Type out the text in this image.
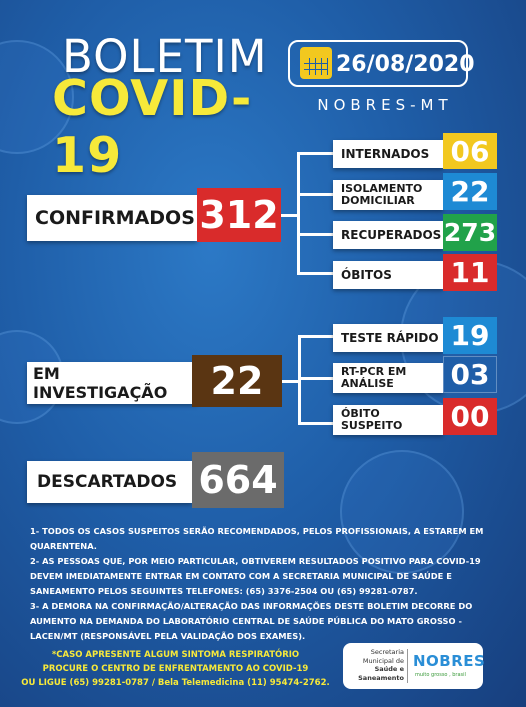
BOLETIM
COVID-19
26/08/2020
NOBRES-MT
CONFIRMADOS 312
INTERNADOS 06
ISOLAMENTO
DOMICILIAR 22
RECUPERADOS 273
ÓBITOS	11
EM INVESTIGAÇÃO	22
TESTE RÁPIDO 19
RT-PCR EM
ANÁLISE 03
ÓBITO
SUSPEITO 00
DESCARTADOS 664

1- TODOS OS CASOS SUSPEITOS SERÃO RECOMENDADOS, PELOS PROFISSIONAIS, A ESTAREM EM QUARENTENA.

2- AS PESSOAS QUE, POR MEIO PARTICULAR, OBTIVEREM RESULTADOS POSITIVO PARA COVID-19 DEVEM IMEDIATAMENTE ENTRAR EM CONTATO COM A SECRETARIA MUNICIPAL DE SAÚDE E SANEAMENTO PELOS SEGUINTES TELEFONES: (65) 3376-2504 OU (65) 99281-0787.

3- A DEMORA NA CONFIRMAÇÃO/ALTERAÇÃO DAS INFORMAÇÕES DESTE BOLETIM DECORRE DO AUMENTO NA DEMANDA DO LABORATÓRIO CENTRAL DE SAÚDE PÚBLICA DO MATO GROSSO - LACEN/MT (RESPONSÁVEL PELA VALIDAÇÃO DOS EXAMES).

*CASO APRESENTE ALGUM SINTOMA RESPIRATÓRIO
PROCURE O CENTRO DE ENFRENTAMENTO AO COVID-19
OU LIGUE (65) 99281-0787 / Bela Telemedicina (11) 95474-2762.
Secretaria
Municipal de
Saúde e
Saneamento
NOBRES
muito grosso , brasil
